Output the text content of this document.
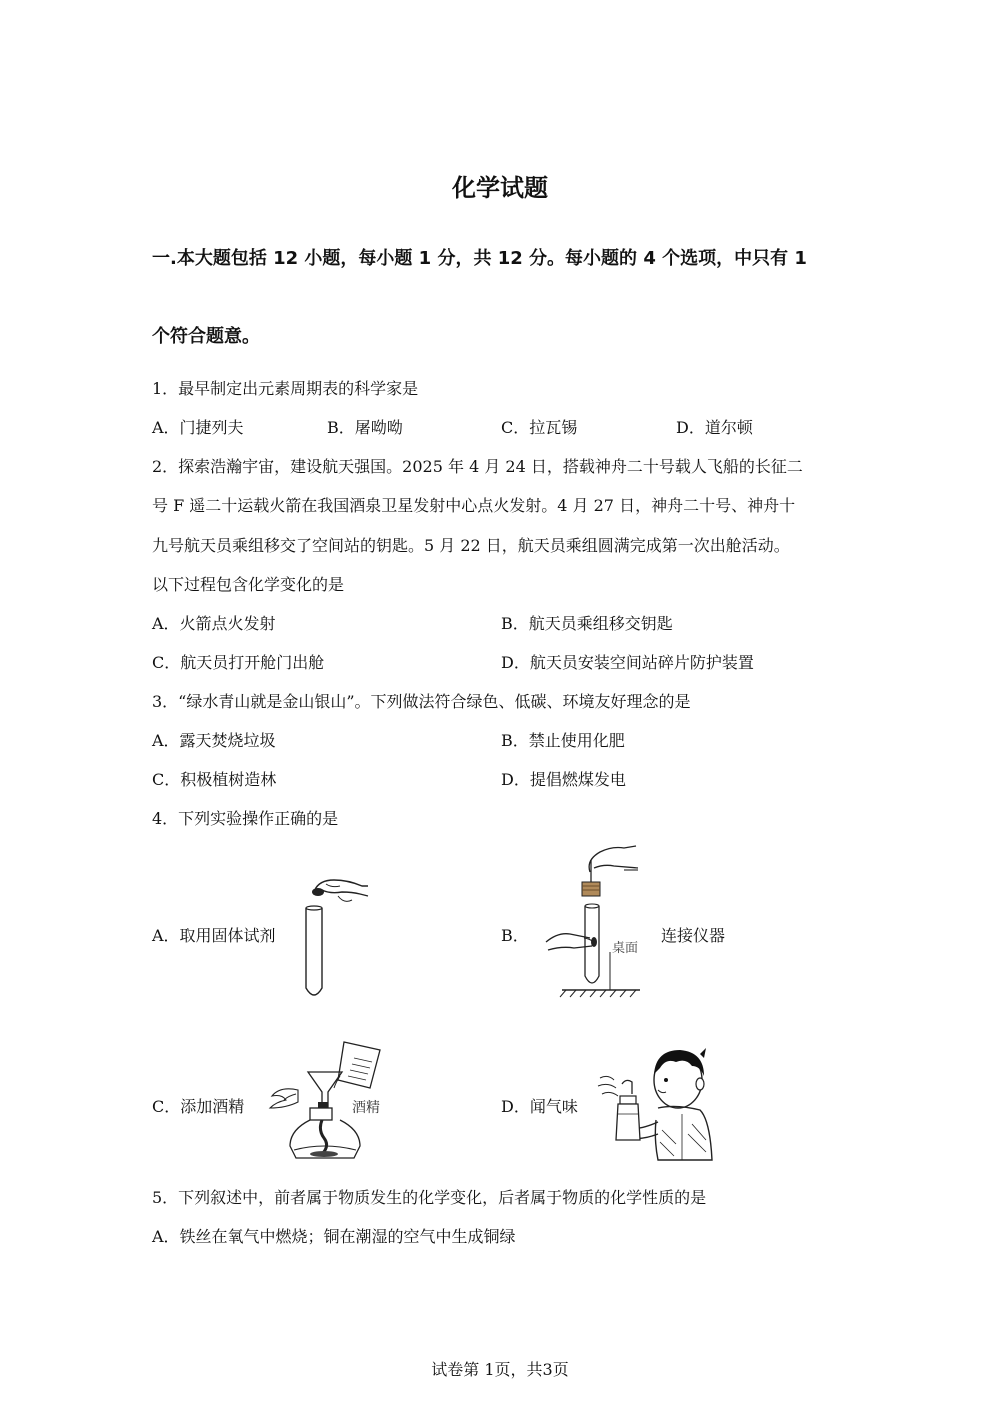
化学试题
一.本大题包括 12 小题，每小题 1 分，共 12 分。每小题的 4 个选项，中只有 1
个符合题意。
1．最早制定出元素周期表的科学家是
A．门捷列夫	B．屠呦呦	C．拉瓦锡	D．道尔顿
2．探索浩瀚宇宙，建设航天强国。2025 年 4 月 24 日，搭载神舟二十号载人飞船的长征二
号 F 遥二十运载火箭在我国酒泉卫星发射中心点火发射。4 月 27 日，神舟二十号、神舟十
九号航天员乘组移交了空间站的钥匙。5 月 22 日，航天员乘组圆满完成第一次出舱活动。
以下过程包含化学变化的是
A．火箭点火发射	B．航天员乘组移交钥匙
C．航天员打开舱门出舱	D．航天员安装空间站碎片防护装置
3．“绿水青山就是金山银山”。下列做法符合绿色、低碳、环境友好理念的是
A．露天焚烧垃圾	B．禁止使用化肥
C．积极植树造林	D．提倡燃煤发电
4．下列实验操作正确的是
A．取用固体试剂	B．
桌面
连接仪器
C．添加酒精	酒精	D．闻气味
5．下列叙述中，前者属于物质发生的化学变化，后者属于物质的化学性质的是
A．铁丝在氧气中燃烧；铜在潮湿的空气中生成铜绿
试卷第 1页，共3页
